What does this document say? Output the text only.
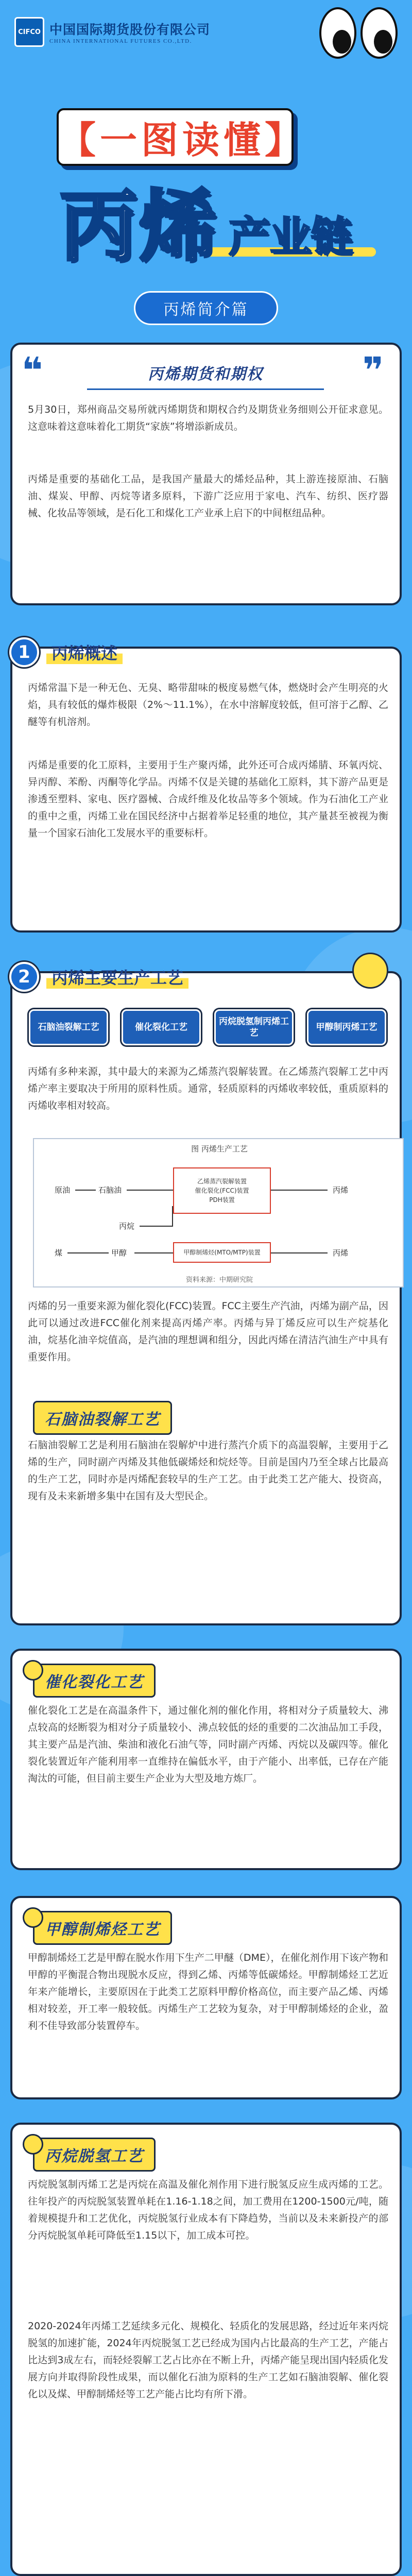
CIFCO 中国国际期货股份有限公司
CHINA INTERNATIONAL FUTURES CO.,LTD.
【一图读懂】
丙烯 产业链
丙烯简介篇
❝	❞
丙烯期货和期权

5月30日，郑州商品交易所就丙烯期货和期权合约及期货业务细则公开征求意见。这意味着这意味着化工期货“家族”将增添新成员。

丙烯是重要的基础化工品，是我国产量最大的烯烃品种，其上游连接原油、石脑油、煤炭、甲醇、丙烷等诸多原料，下游广泛应用于家电、汽车、纺织、医疗器械、化妆品等领域，是石化工和煤化工产业承上启下的中间枢纽品种。

1	丙烯概述

丙烯常温下是一种无色、无臭、略带甜味的极度易燃气体，燃烧时会产生明亮的火焰，具有较低的爆炸极限（2%～11.1%），在水中溶解度较低，但可溶于乙醇、乙醚等有机溶剂。

丙烯是重要的化工原料，主要用于生产聚丙烯，此外还可合成丙烯腈、环氧丙烷、异丙醇、苯酚、丙酮等化学品。丙烯不仅是关键的基础化工原料，其下游产品更是渗透至塑料、家电、医疗器械、合成纤维及化妆品等多个领域。作为石油化工产业的重中之重，丙烯工业在国民经济中占据着举足轻重的地位，其产量甚至被视为衡量一个国家石油化工发展水平的重要标杆。

2	丙烯主要生产工艺
石脑油裂解工艺	催化裂化工艺
丙烷脱氢制丙烯工艺
甲醇制丙烯工艺

丙烯有多种来源，其中最大的来源为乙烯蒸汽裂解装置。在乙烯蒸汽裂解工艺中丙烯产率主要取决于所用的原料性质。通常，轻质原料的丙烯收率较低，重质原料的丙烯收率相对较高。

图 丙烯生产工艺
原油	石脑油
乙烯蒸汽裂解装置
催化裂化(FCC)装置
PDH装置
丙烯
丙烷
煤	甲醇	甲醇制烯烃(MTO/MTP)装置	丙烯
资料来源：中期研究院

丙烯的另一重要来源为催化裂化(FCC)装置。FCC主要生产汽油，丙烯为副产品，因此可以通过改进FCC催化剂来提高丙烯产率。丙烯与异丁烯反应可以生产烷基化油，烷基化油辛烷值高，是汽油的理想调和组分，因此丙烯在清洁汽油生产中具有重要作用。

石脑油裂解工艺

石脑油裂解工艺是利用石脑油在裂解炉中进行蒸汽介质下的高温裂解，主要用于乙烯的生产，同时副产丙烯及其他低碳烯烃和烷烃等。目前是国内乃至全球占比最高的生产工艺，同时亦是丙烯配套较早的生产工艺。由于此类工艺产能大、投资高，现有及未来新增多集中在国有及大型民企。

催化裂化工艺

催化裂化工艺是在高温条件下，通过催化剂的催化作用，将相对分子质量较大、沸点较高的烃断裂为相对分子质量较小、沸点较低的烃的重要的二次油品加工手段，其主要产品是汽油、柴油和液化石油气等，同时副产丙烯、丙烷以及碳四等。催化裂化装置近年产能利用率一直维持在偏低水平，由于产能小、出率低，已存在产能淘汰的可能，但目前主要生产企业为大型及地方炼厂。

甲醇制烯烃工艺

甲醇制烯烃工艺是甲醇在脱水作用下生产二甲醚（DME），在催化剂作用下该产物和甲醇的平衡混合物出现脱水反应，得到乙烯、丙烯等低碳烯烃。甲醇制烯烃工艺近年来产能增长，主要原因在于此类工艺原料甲醇价格高位，而主要产品乙烯、丙烯相对较差，开工率一般较低。丙烯生产工艺较为复杂，对于甲醇制烯烃的企业，盈利不佳导致部分装置停车。

丙烷脱氢工艺

丙烷脱氢制丙烯工艺是丙烷在高温及催化剂作用下进行脱氢反应生成丙烯的工艺。往年投产的丙烷脱氢装置单耗在1.16-1.18之间，加工费用在1200-1500元/吨，随着规模提升和工艺优化，丙烷脱氢行业成本有下降趋势，当前以及未来新投产的部分丙烷脱氢单耗可降低至1.15以下，加工成本可控。

2020-2024年丙烯工艺延续多元化、规模化、轻质化的发展思路，经过近年来丙烷脱氢的加速扩能，2024年丙烷脱氢工艺已经成为国内占比最高的生产工艺，产能占比达到3成左右，而轻烃裂解工艺占比亦在不断上升，丙烯产能呈现出国内轻质化发展方向并取得阶段性成果，而以催化石油为原料的生产工艺如石脑油裂解、催化裂化以及煤、甲醇制烯烃等工艺产能占比均有所下滑。
